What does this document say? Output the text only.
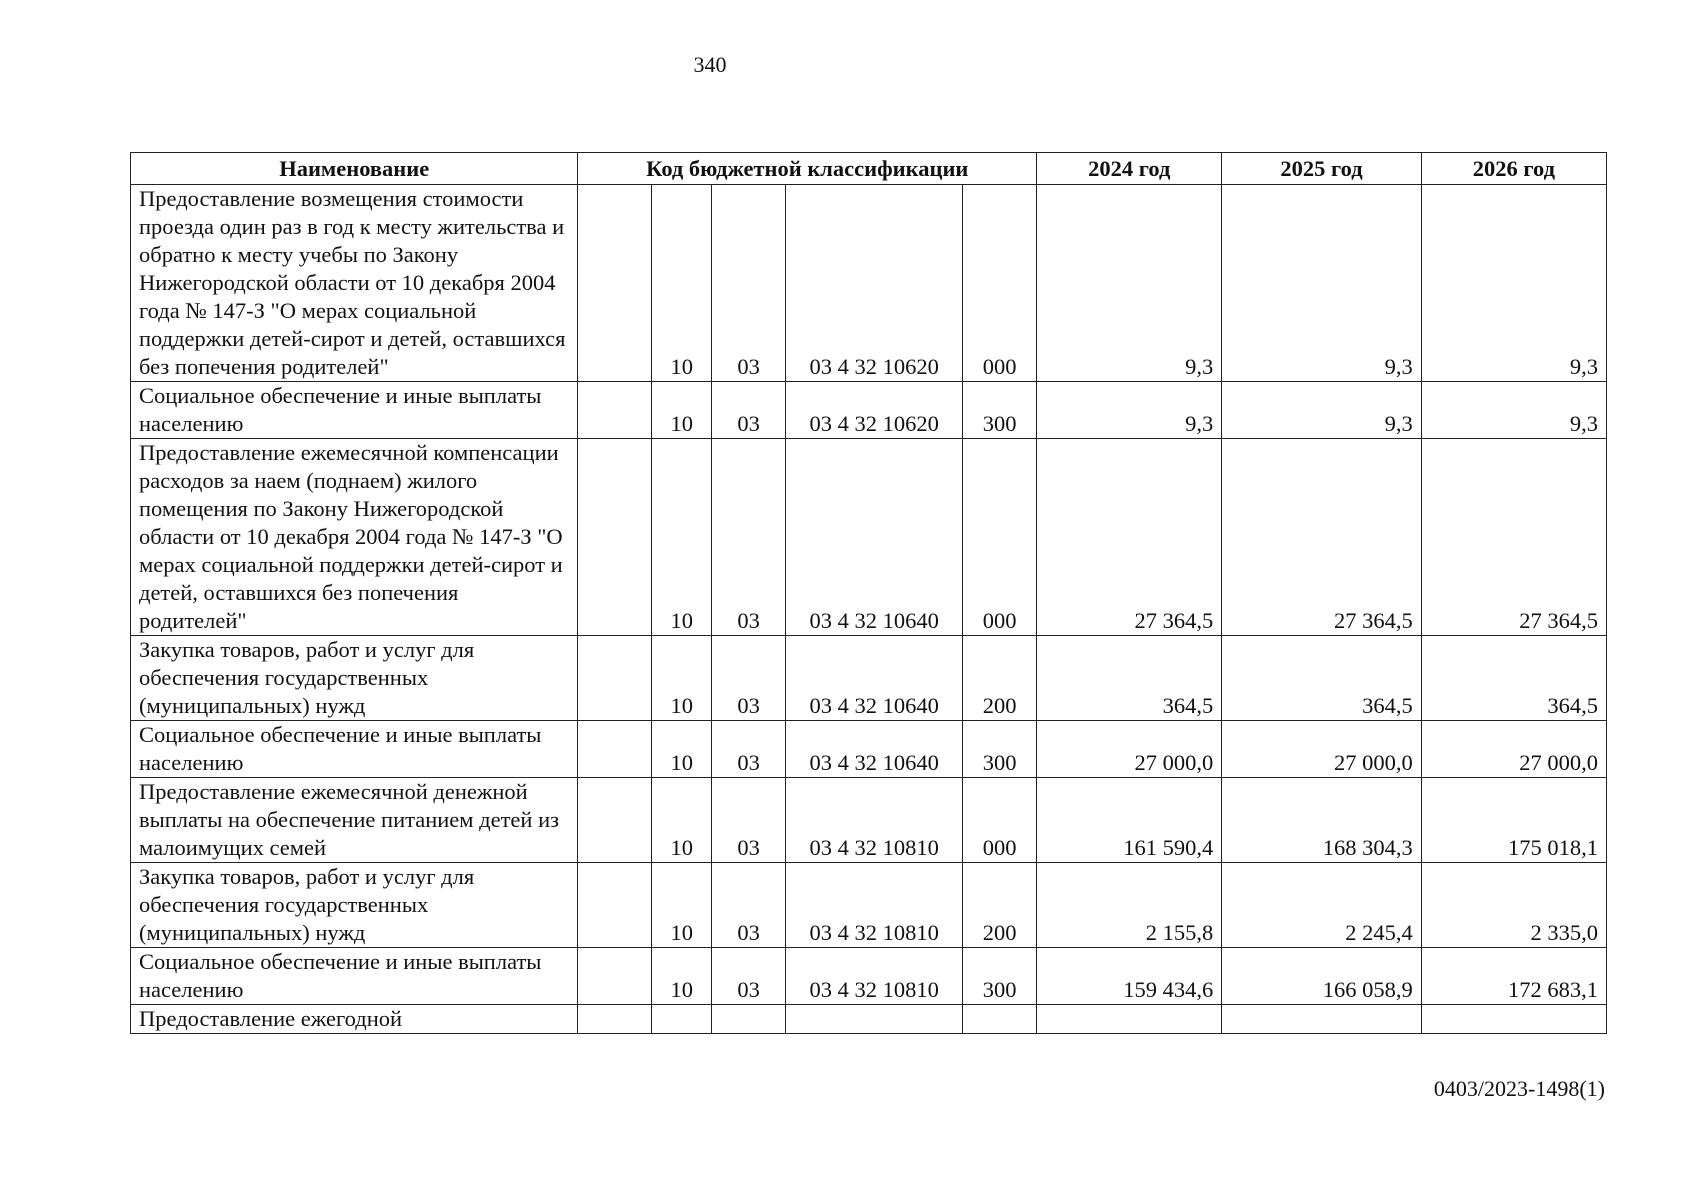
340
Наименование	Код бюджетной классификации					2024 год	2025 год	2026 год
Предоставление возмещения стоимости проезда один раз в год к месту жительства и обратно к месту учебы по Закону Нижегородской области от 10 декабря 2004 года № 147-З "О мерах социальной поддержки детей-сирот и детей, оставшихся без попечения родителей"		10	03	03 4 32 10620	000	9,3	9,3	9,3
Социальное обеспечение и иные выплаты населению		10	03	03 4 32 10620	300	9,3	9,3	9,3
Предоставление ежемесячной компенсации расходов за наем (поднаем) жилого помещения по Закону Нижегородской области от 10 декабря 2004 года № 147-З "О мерах социальной поддержки детей-сирот и детей, оставшихся без попечения родителей"		10	03	03 4 32 10640	000	27 364,5	27 364,5	27 364,5
Закупка товаров, работ и услуг для обеспечения государственных (муниципальных) нужд		10	03	03 4 32 10640	200	364,5	364,5	364,5
Социальное обеспечение и иные выплаты населению		10	03	03 4 32 10640	300	27 000,0	27 000,0	27 000,0
Предоставление ежемесячной денежной выплаты на обеспечение питанием детей из малоимущих семей		10	03	03 4 32 10810	000	161 590,4	168 304,3	175 018,1
Закупка товаров, работ и услуг для обеспечения государственных (муниципальных) нужд		10	03	03 4 32 10810	200	2 155,8	2 245,4	2 335,0
Социальное обеспечение и иные выплаты населению		10	03	03 4 32 10810	300	159 434,6	166 058,9	172 683,1
Предоставление ежегодной								
0403/2023-1498(1)
